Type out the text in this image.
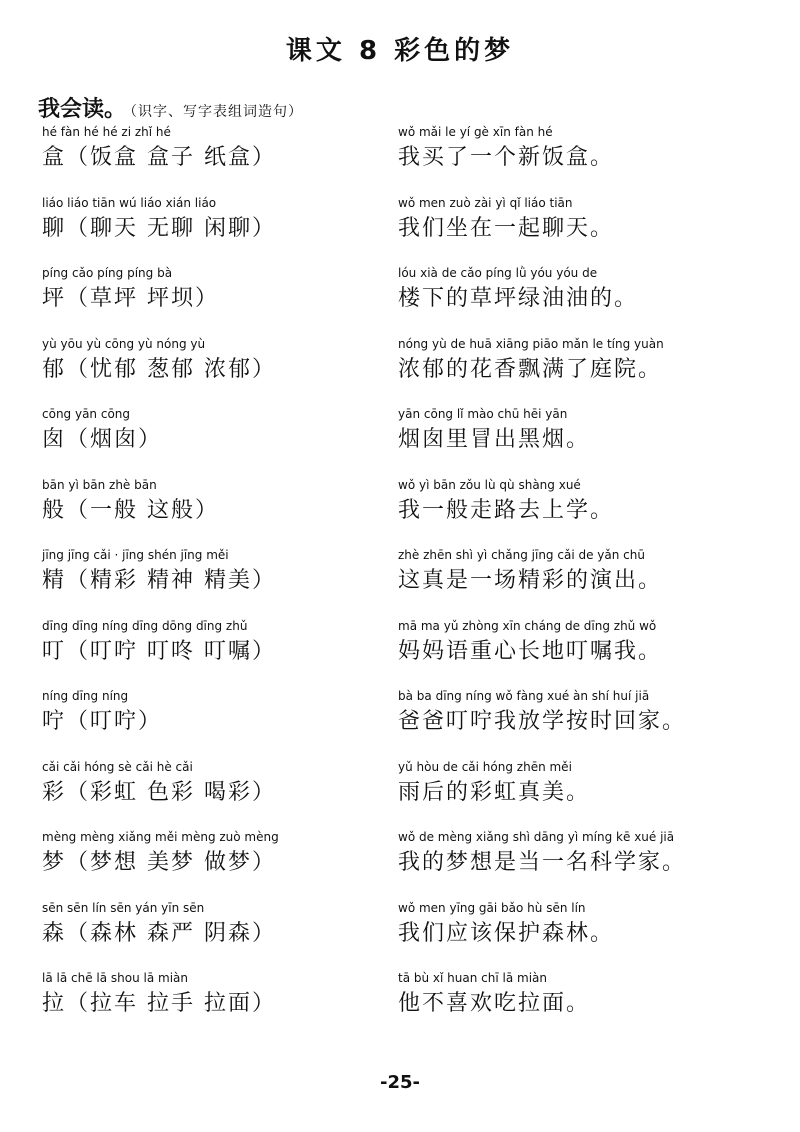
课文 8 彩色的梦
我会读。 （识字、写字表组词造句）
hé fàn hé hé zi zhǐ hé
盒（饭盒 盒子 纸盒）
wǒ mǎi le yí gè xīn fàn hé
我买了一个新饭盒。
liáo liáo tiān wú liáo xián liáo
聊（聊天 无聊 闲聊）
wǒ men zuò zài yì qǐ liáo tiān
我们坐在一起聊天。
píng cǎo píng píng bà
坪（草坪 坪坝）
lóu xià de cǎo píng lǜ yóu yóu de
楼下的草坪绿油油的。
yù yōu yù cōng yù nóng yù
郁（忧郁 葱郁 浓郁）
nóng yù de huā xiāng piāo mǎn le tíng yuàn
浓郁的花香飘满了庭院。
cōng yān cōng
囱（烟囱）
yān cōng lǐ mào chū hēi yān
烟囱里冒出黑烟。
bān yì bān zhè bān
般（一般 这般）
wǒ yì bān zǒu lù qù shàng xué
我一般走路去上学。
jīng jīng cǎi · jīng shén jīng měi
精（精彩 精神 精美）
zhè zhēn shì yì chǎng jīng cǎi de yǎn chū
这真是一场精彩的演出。
dīng dīng níng dīng dōng dīng zhǔ
叮（叮咛 叮咚 叮嘱）
mā ma yǔ zhòng xīn cháng de dīng zhǔ wǒ
妈妈语重心长地叮嘱我。
níng dīng níng
咛（叮咛）
bà ba dīng níng wǒ fàng xué àn shí huí jiā
爸爸叮咛我放学按时回家。
cǎi cǎi hóng sè cǎi hè cǎi
彩（彩虹 色彩 喝彩）
yǔ hòu de cǎi hóng zhēn měi
雨后的彩虹真美。
mèng mèng xiǎng měi mèng zuò mèng
梦（梦想 美梦 做梦）
wǒ de mèng xiǎng shì dāng yì míng kē xué jiā
我的梦想是当一名科学家。
sēn sēn lín sēn yán yīn sēn
森（森林 森严 阴森）
wǒ men yīng gāi bǎo hù sēn lín
我们应该保护森林。
lā lā chē lā shou lā miàn
拉（拉车 拉手 拉面）
tā bù xǐ huan chī lā miàn
他不喜欢吃拉面。
-25-
